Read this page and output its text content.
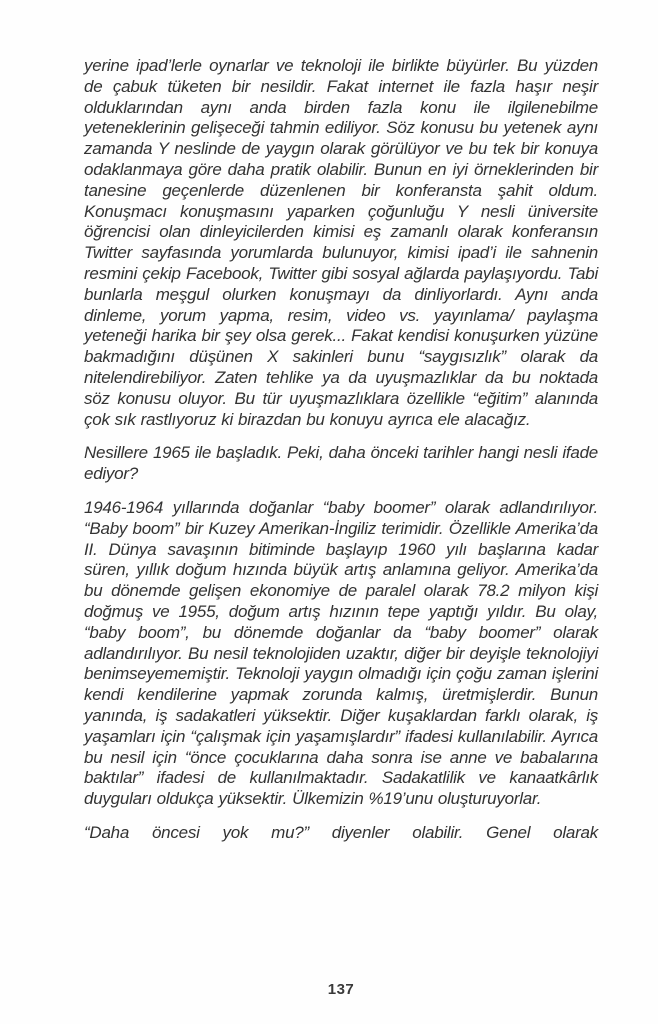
yerine ipad’lerle oynarlar ve teknoloji ile birlikte büyürler. Bu yüzden de çabuk tüketen bir nesildir. Fakat internet ile fazla haşır neşir olduklarından aynı anda birden fazla konu ile ilgilenebilme yeteneklerinin gelişeceği tahmin ediliyor. Söz konusu bu yetenek aynı zamanda Y neslinde de yaygın olarak görülüyor ve bu tek bir konuya odaklanmaya göre daha pratik olabilir. Bunun en iyi örneklerinden bir tanesine geçenlerde düzenlenen bir konferansta şahit oldum. Konuşmacı konuşmasını yaparken çoğunluğu Y nesli üniversite öğrencisi olan dinleyicilerden kimisi eş zamanlı olarak konferansın Twitter sayfasında yorumlarda bulunuyor, kimisi ipad’i ile sahnenin resmini çekip Facebook, Twitter gibi sosyal ağlarda paylaşıyordu. Tabi bunlarla meşgul olurken konuşmayı da dinliyorlardı. Aynı anda dinleme, yorum yapma, resim, video vs. yayınlama/ paylaşma yeteneği harika bir şey olsa gerek... Fakat kendisi konuşurken yüzüne bakmadığını düşünen X sakinleri bunu “saygısızlık” olarak da nitelendirebiliyor. Zaten tehlike ya da uyuşmazlıklar da bu noktada söz konusu oluyor. Bu tür uyuşmazlıklara özellikle “eğitim” alanında çok sık rastlıyoruz ki birazdan bu konuyu ayrıca ele alacağız.

Nesillere 1965 ile başladık. Peki, daha önceki tarihler hangi nesli ifade ediyor?

1946-1964 yıllarında doğanlar “baby boomer” olarak adlandırılıyor. “Baby boom” bir Kuzey Amerikan-İngiliz terimidir. Özellikle Amerika’da II. Dünya savaşının bitiminde başlayıp 1960 yılı başlarına kadar süren, yıllık doğum hızında büyük artış anlamına geliyor. Amerika’da bu dönemde gelişen ekonomiye de paralel olarak 78.2 milyon kişi doğmuş ve 1955, doğum artış hızının tepe yaptığı yıldır. Bu olay, “baby boom”, bu dönemde doğanlar da “baby boomer” olarak adlandırılıyor. Bu nesil teknolojiden uzaktır, diğer bir deyişle teknolojiyi benimseyememiştir. Teknoloji yaygın olmadığı için çoğu zaman işlerini kendi kendilerine yapmak zorunda kalmış, üretmişlerdir. Bunun yanında, iş sadakatleri yüksektir. Diğer kuşaklardan farklı olarak, iş yaşamları için “çalışmak için yaşamışlardır” ifadesi kullanılabilir. Ayrıca bu nesil için “önce çocuklarına daha sonra ise anne ve babalarına baktılar” ifadesi de kullanılmaktadır. Sadakatlilik ve kanaatkârlık duyguları oldukça yüksektir. Ülkemizin %19’unu oluşturuyorlar.

“Daha öncesi yok mu?” diyenler olabilir. Genel olarak

137
